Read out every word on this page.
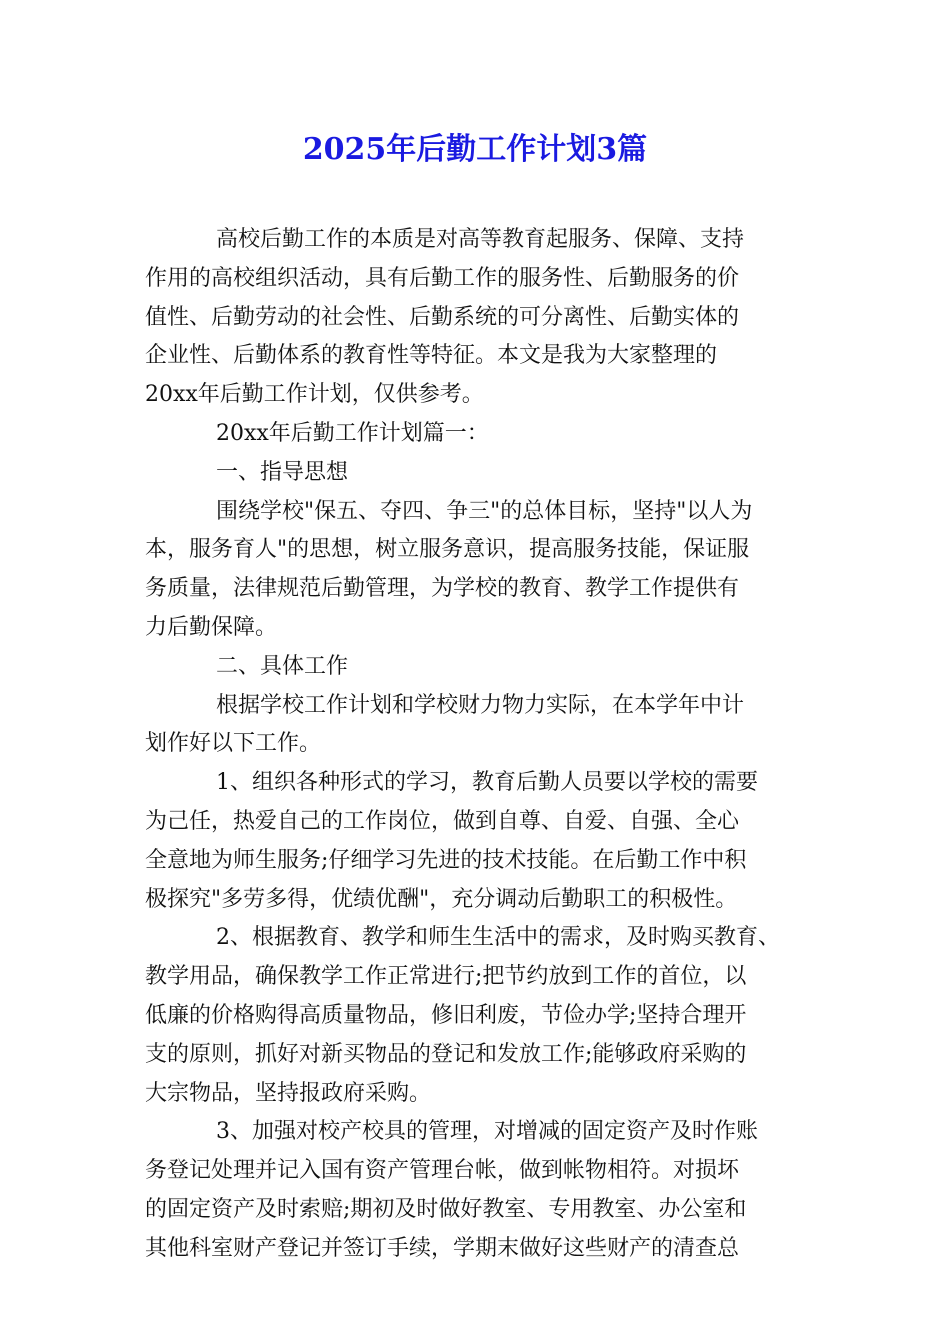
2025年后勤工作计划3篇
高校后勤工作的本质是对高等教育起服务、保障、支持
作用的高校组织活动，具有后勤工作的服务性、后勤服务的价
值性、后勤劳动的社会性、后勤系统的可分离性、后勤实体的
企业性、后勤体系的教育性等特征。本文是我为大家整理的
20xx年后勤工作计划，仅供参考。
20xx年后勤工作计划篇一：
一、指导思想
围绕学校"保五、夺四、争三"的总体目标，坚持"以人为
本，服务育人"的思想，树立服务意识，提高服务技能，保证服
务质量，法律规范后勤管理，为学校的教育、教学工作提供有
力后勤保障。
二、具体工作
根据学校工作计划和学校财力物力实际，在本学年中计
划作好以下工作。
1、组织各种形式的学习，教育后勤人员要以学校的需要
为己任，热爱自己的工作岗位，做到自尊、自爱、自强、全心
全意地为师生服务;仔细学习先进的技术技能。在后勤工作中积
极探究"多劳多得，优绩优酬"，充分调动后勤职工的积极性。
2、根据教育、教学和师生生活中的需求，及时购买教育、
教学用品，确保教学工作正常进行;把节约放到工作的首位，以
低廉的价格购得高质量物品，修旧利废，节俭办学;坚持合理开
支的原则，抓好对新买物品的登记和发放工作;能够政府采购的
大宗物品，坚持报政府采购。
3、加强对校产校具的管理，对增减的固定资产及时作账
务登记处理并记入国有资产管理台帐，做到帐物相符。对损坏
的固定资产及时索赔;期初及时做好教室、专用教室、办公室和
其他科室财产登记并签订手续，学期末做好这些财产的清查总
